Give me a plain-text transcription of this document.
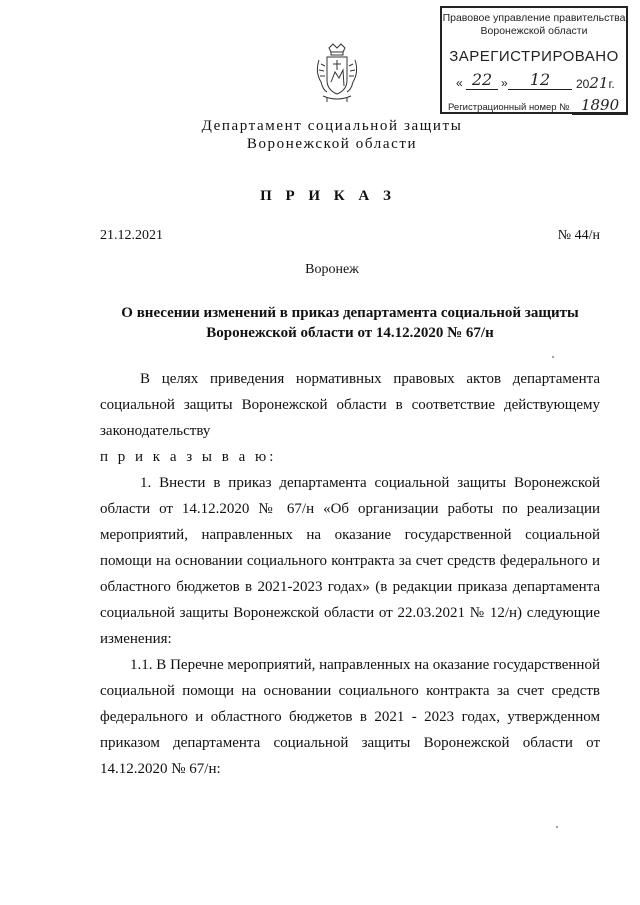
Правовое управление правительства
Воронежской области
ЗАРЕГИСТРИРОВАНО
« 22 »	12	2021г.
Регистрационный номер № 1890
Департамент социальной защиты
Воронежской области
П Р И К А З
21.12.2021	№ 44/н
Воронеж
О внесении изменений в приказ департамента социальной защиты Воронежской области от 14.12.2020 № 67/н
В целях приведения нормативных правовых актов департамента социальной защиты Воронежской области в соответствие действующему законодательству
п р и к а з ы в а ю:
1. Внести в приказ департамента социальной защиты Воронежской области от 14.12.2020 № 67/н «Об организации работы по реализации мероприятий, направленных на оказание государственной социальной помощи на основании социального контракта за счет средств федерального и областного бюджетов в 2021-2023 годах» (в редакции приказа департамента социальной защиты Воронежской области от 22.03.2021 № 12/н) следующие изменения:
1.1. В Перечне мероприятий, направленных на оказание государственной социальной помощи на основании социального контракта за счет средств федерального и областного бюджетов в 2021 - 2023 годах, утвержденном приказом департамента социальной защиты Воронежской области от 14.12.2020 № 67/н:
